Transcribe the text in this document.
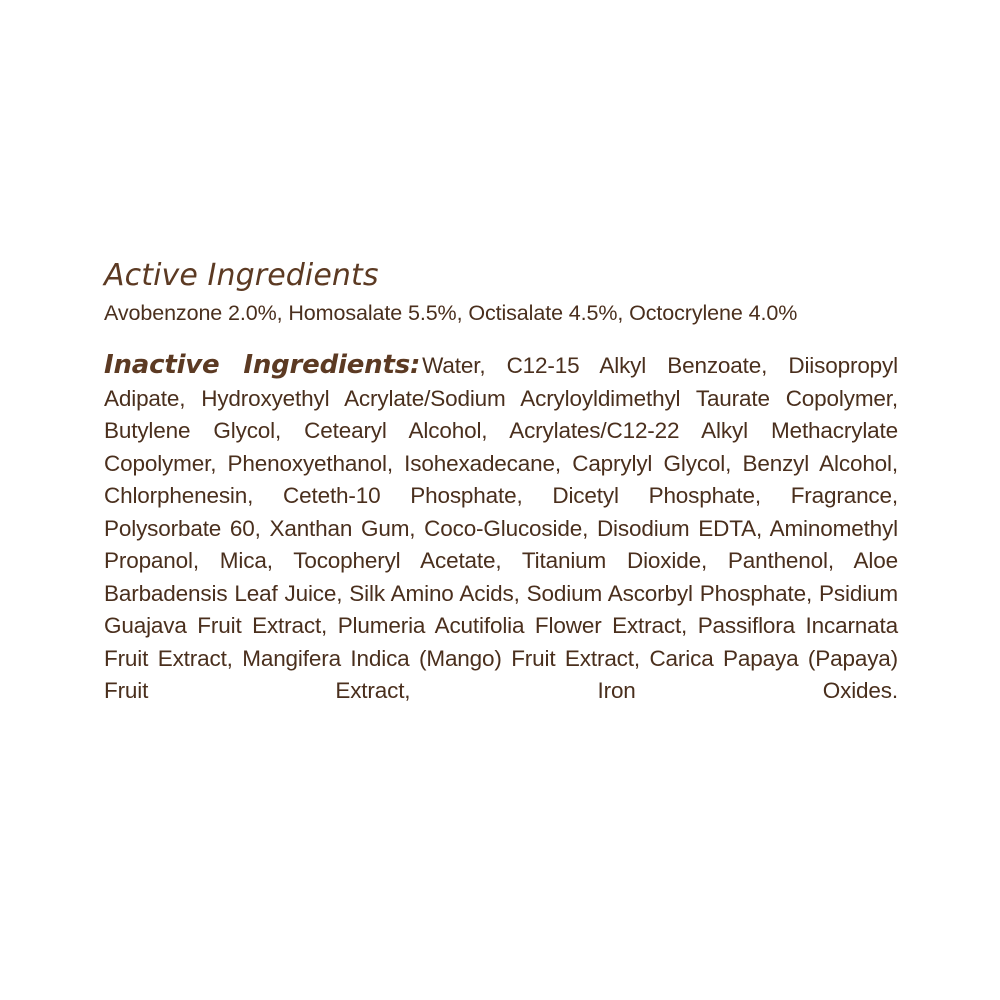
Active Ingredients

Avobenzone 2.0%, Homosalate 5.5%, Octisalate 4.5%, Octocrylene 4.0%

Inactive Ingredients:Water, C12-15 Alkyl Benzoate, Diisopropyl Adipate, Hydroxyethyl Acrylate/Sodium Acryloyldimethyl Taurate Copolymer, Butylene Glycol, Cetearyl Alcohol, Acrylates/C12-22 Alkyl Methacrylate Copolymer, Phenoxyethanol, Isohexadecane, Caprylyl Glycol, Benzyl Alcohol, Chlorphenesin, Ceteth-10 Phosphate, Dicetyl Phosphate, Fragrance, Polysorbate 60, Xanthan Gum, Coco-Glucoside, Disodium EDTA, Aminomethyl Propanol, Mica, Tocopheryl Acetate, Titanium Dioxide, Panthenol, Aloe Barbadensis Leaf Juice, Silk Amino Acids, Sodium Ascorbyl Phosphate, Psidium Guajava Fruit Extract, Plumeria Acutifolia Flower Extract, Passiflora Incarnata Fruit Extract, Mangifera Indica (Mango) Fruit Extract, Carica Papaya (Papaya) Fruit Extract, Iron Oxides.
